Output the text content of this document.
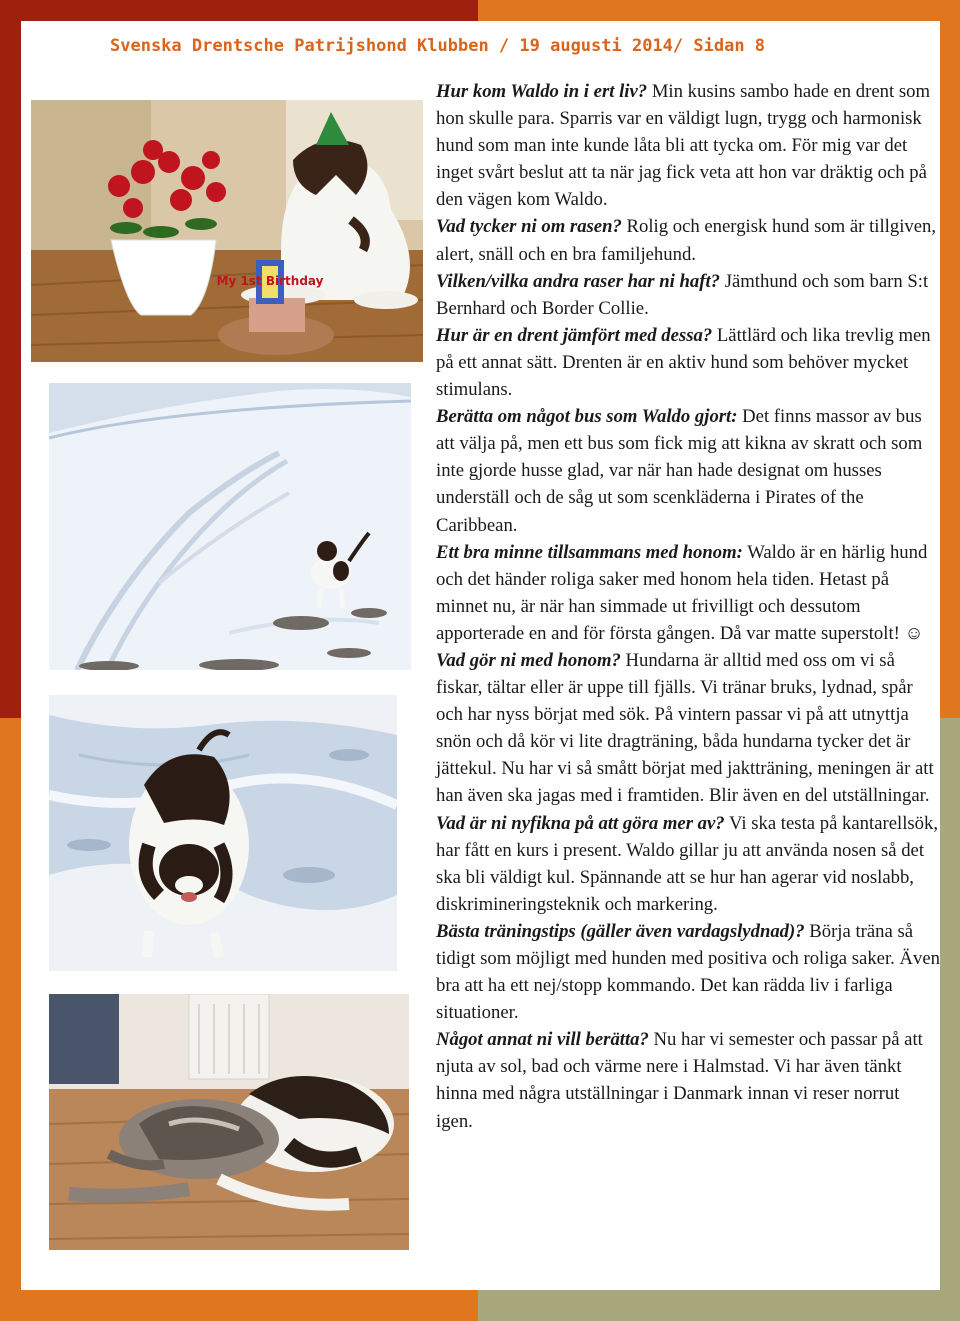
Svenska Drentsche Patrijshond Klubben / 19 augusti 2014/ Sidan 8
My 1st Birthday

Hur kom Waldo in i ert liv? Min kusins sambo hade en drent som hon skulle para. Sparris var en väldigt lugn, trygg och harmonisk hund som man inte kunde låta bli att tycka om. För mig var det inget svårt beslut att ta när jag fick veta att hon var dräktig och på den vägen kom Waldo.

Vad tycker ni om rasen? Rolig och energisk hund som är tillgiven, alert, snäll och en bra familjehund.

Vilken/vilka andra raser har ni haft? Jämthund och som barn S:t Bernhard och Border Collie.

Hur är en drent jämfört med dessa? Lättlärd och lika trevlig men på ett annat sätt. Drenten är en aktiv hund som behöver mycket stimulans.

Berätta om något bus som Waldo gjort: Det finns massor av bus att välja på, men ett bus som fick mig att kikna av skratt och som inte gjorde husse glad, var när han hade designat om husses underställ och de såg ut som scenkläderna i Pirates of the Caribbean.

Ett bra minne tillsammans med honom: Waldo är en härlig hund och det händer roliga saker med honom hela tiden. Hetast på minnet nu, är när han simmade ut frivilligt och dessutom apporterade en and för första gången. Då var matte superstolt! ☺

Vad gör ni med honom? Hundarna är alltid med oss om vi så fiskar, tältar eller är uppe till fjälls. Vi tränar bruks, lydnad, spår och har nyss börjat med sök. På vintern passar vi på att utnyttja snön och då kör vi lite dragträning, båda hundarna tycker det är jättekul. Nu har vi så smått börjat med jaktträning, meningen är att han även ska jagas med i framtiden. Blir även en del utställningar.

Vad är ni nyfikna på att göra mer av? Vi ska testa på kantarellsök, har fått en kurs i present. Waldo gillar ju att använda nosen så det ska bli väldigt kul. Spännande att se hur han agerar vid noslabb, diskrimineringsteknik och markering.

Bästa träningstips (gäller även vardagslydnad)? Börja träna så tidigt som möjligt med hunden med positiva och roliga saker. Även bra att ha ett nej/stopp kommando. Det kan rädda liv i farliga situationer.

Något annat ni vill berätta? Nu har vi semester och passar på att njuta av sol, bad och värme nere i Halmstad. Vi har även tänkt hinna med några utställningar i Danmark innan vi reser norrut igen.
